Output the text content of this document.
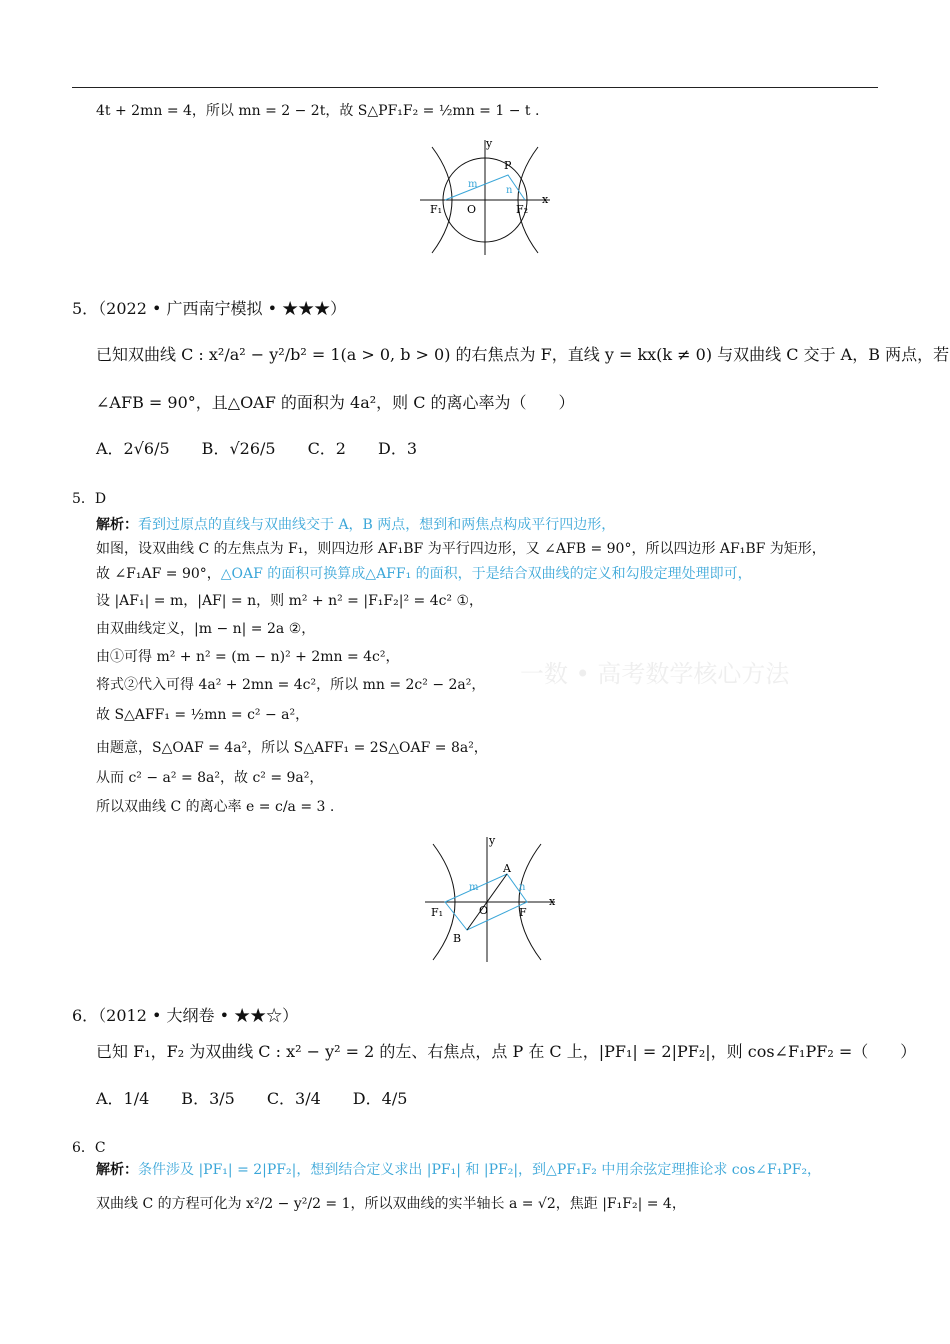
4t + 2mn = 4，所以 mn = 2 − 2t，故 S△PF₁F₂ = ½mn = 1 − t .
y
x
P
m
n
F₁ O	F₂
5．（2022 • 广西南宁模拟 • ★★★）
已知双曲线 C : x²/a² − y²/b² = 1(a > 0, b > 0) 的右焦点为 F，直线 y = kx(k ≠ 0) 与双曲线 C 交于 A，B 两点，若
∠AFB = 90°，且△OAF 的面积为 4a²，则 C 的离心率为（　　）
A．2√6/5　　B．√26/5　　C．2　　D．3
5．D
解析：看到过原点的直线与双曲线交于 A，B 两点，想到和两焦点构成平行四边形，
如图，设双曲线 C 的左焦点为 F₁，则四边形 AF₁BF 为平行四边形，又 ∠AFB = 90°，所以四边形 AF₁BF 为矩形，
故 ∠F₁AF = 90°，△OAF 的面积可换算成△AFF₁ 的面积，于是结合双曲线的定义和勾股定理处理即可，
设 |AF₁| = m，|AF| = n，则 m² + n² = |F₁F₂|² = 4c² ①，
由双曲线定义，|m − n| = 2a ②，
由①可得 m² + n² = (m − n)² + 2mn = 4c²，
将式②代入可得 4a² + 2mn = 4c²，所以 mn = 2c² − 2a²，
故 S△AFF₁ = ½mn = c² − a²，
由题意，S△OAF = 4a²，所以 S△AFF₁ = 2S△OAF = 8a²，
从而 c² − a² = 8a²，故 c² = 9a²，
所以双曲线 C 的离心率 e = c/a = 3 .
一数 • 高考数学核心方法
y
A
m	n
x
F₁	O	F
B
6．（2012 • 大纲卷 • ★★☆）
已知 F₁，F₂ 为双曲线 C : x² − y² = 2 的左、右焦点，点 P 在 C 上，|PF₁| = 2|PF₂|，则 cos∠F₁PF₂ =（　　）
A．1/4　　B．3/5　　C．3/4　　D．4/5
6．C
解析：条件涉及 |PF₁| = 2|PF₂|，想到结合定义求出 |PF₁| 和 |PF₂|，到△PF₁F₂ 中用余弦定理推论求 cos∠F₁PF₂，
双曲线 C 的方程可化为 x²/2 − y²/2 = 1，所以双曲线的实半轴长 a = √2，焦距 |F₁F₂| = 4，
